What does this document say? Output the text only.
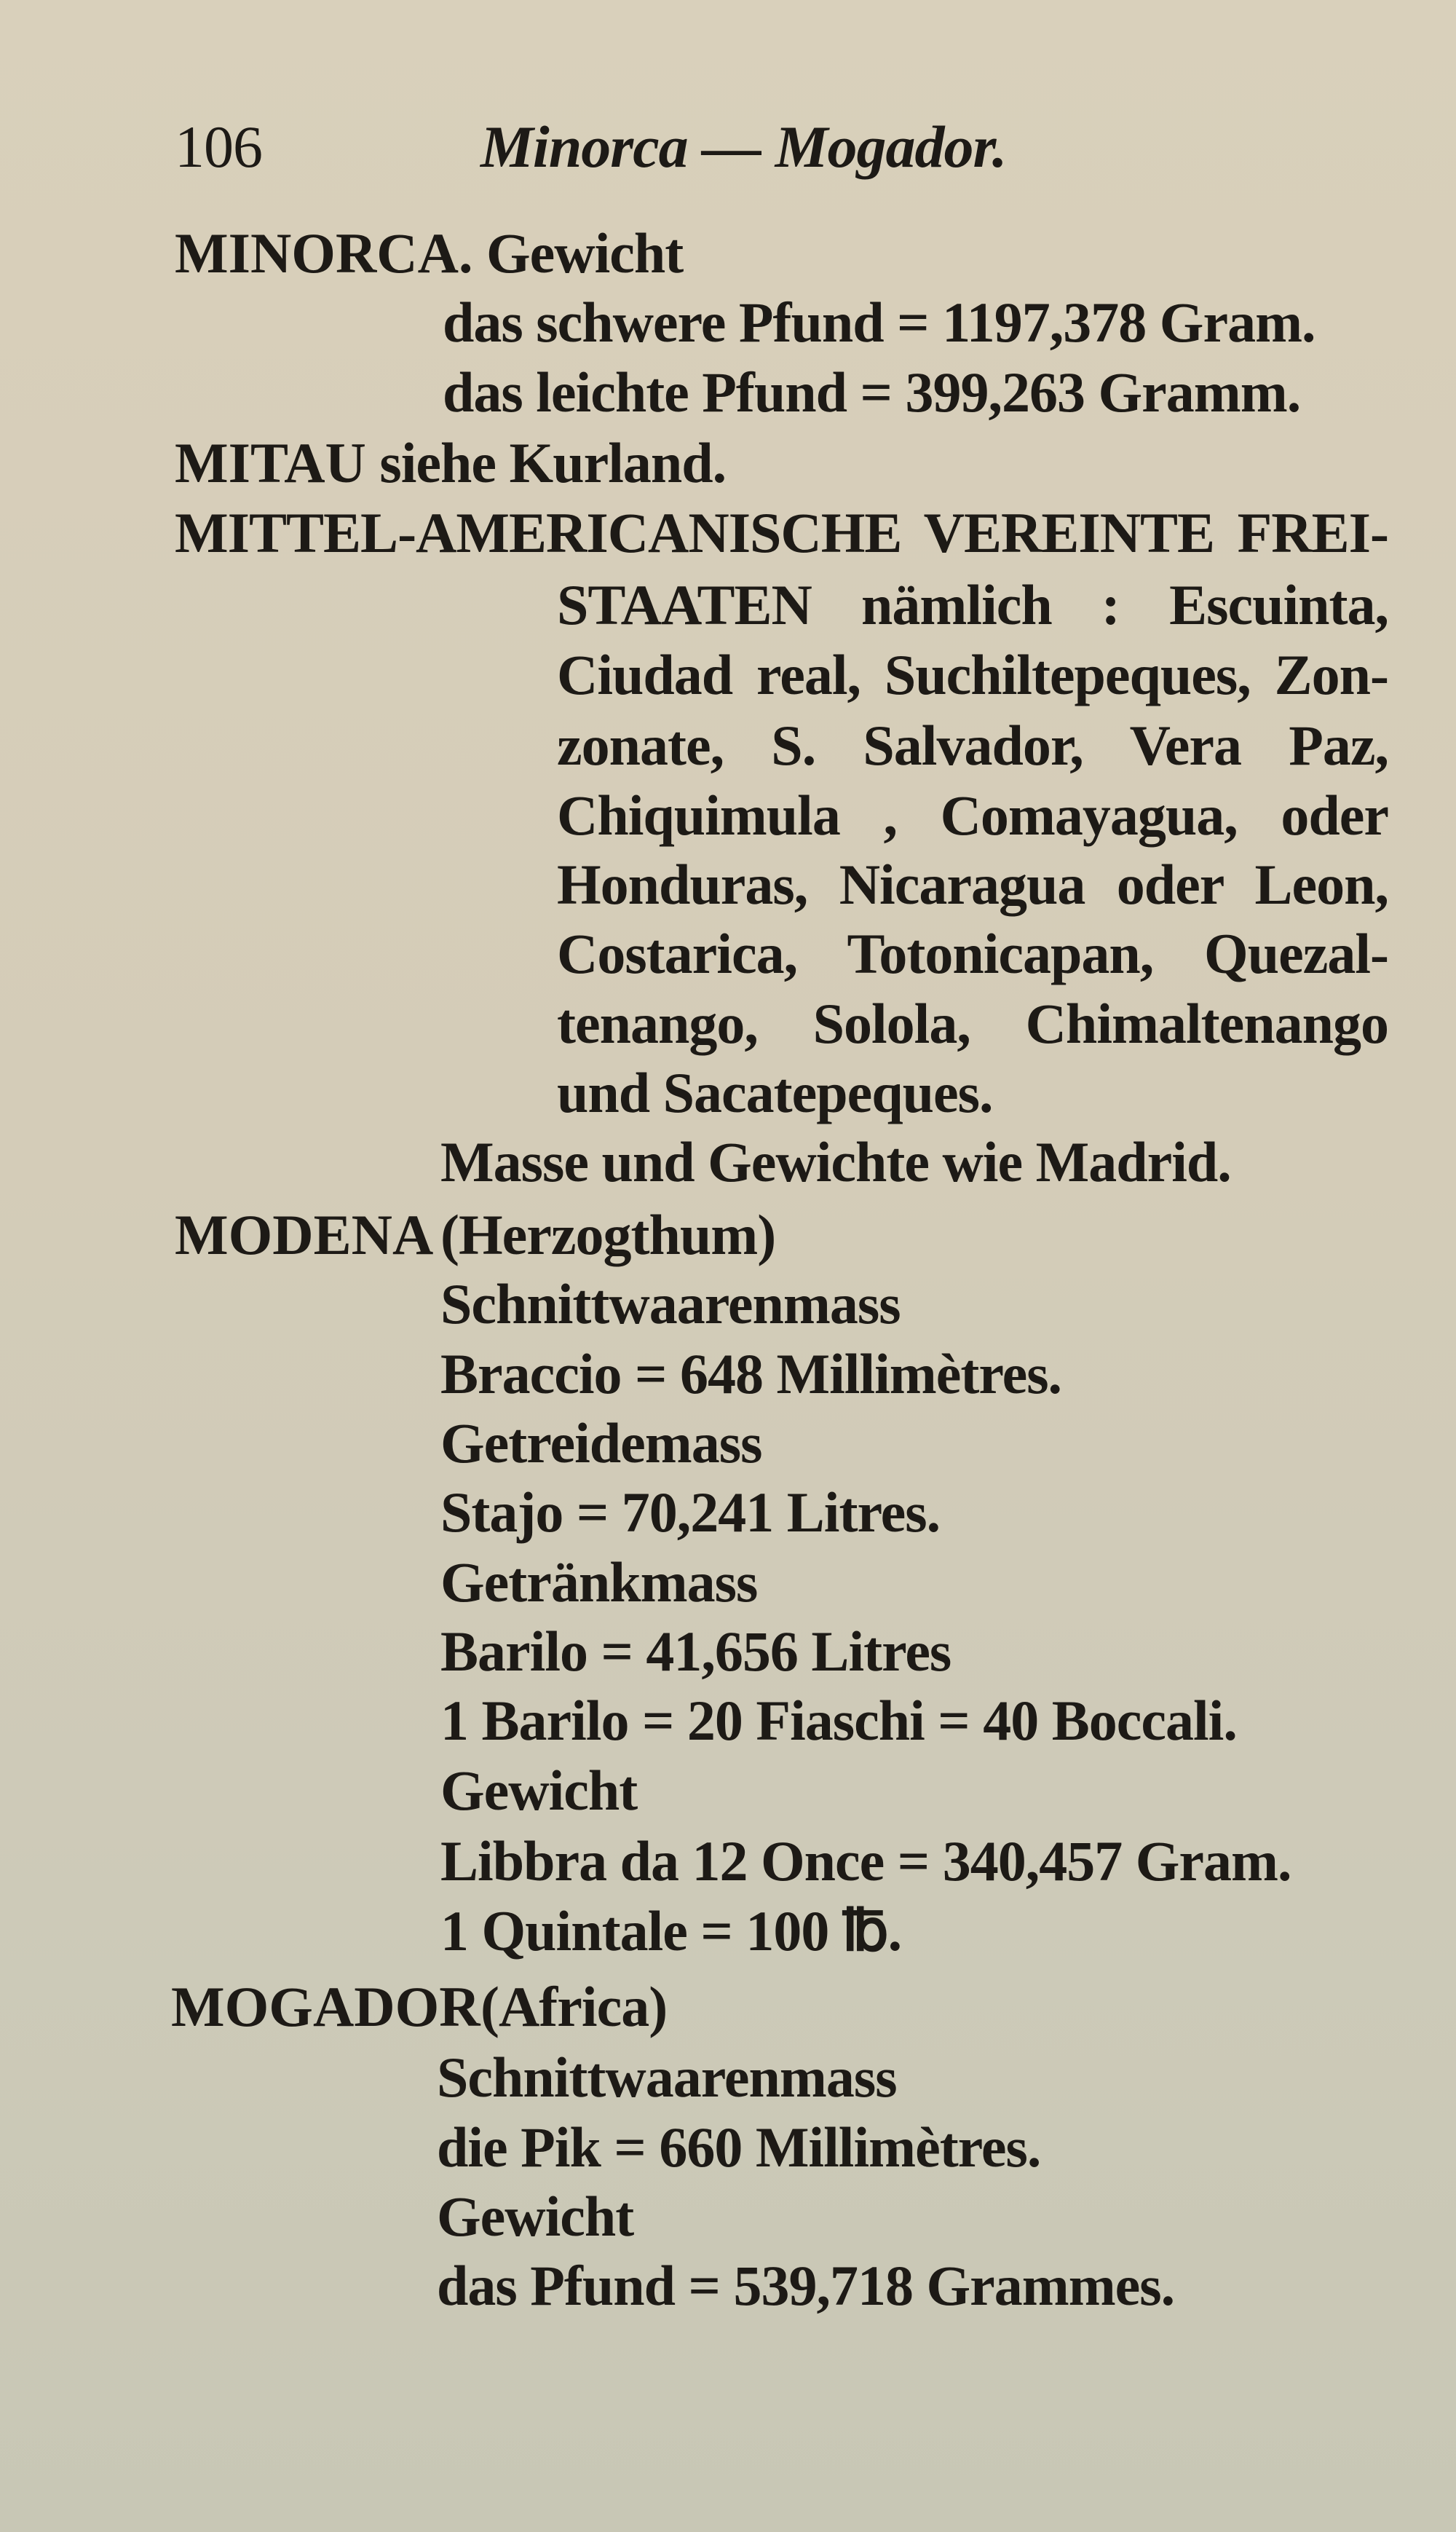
106	Minorca — Mogador.
MINORCA. Gewicht
das schwere Pfund = 1197,378 Gram.
das leichte Pfund = 399,263 Gramm.
MITAU siehe Kurland.
MITTEL-AMERICANISCHE VEREINTE FREI-
STAATEN nämlich : Escuinta,
Ciudad real, Suchiltepeques, Zon-
zonate, S. Salvador, Vera Paz,
Chiquimula , Comayagua, oder
Honduras, Nicaragua oder Leon,
Costarica, Totonicapan, Quezal-
tenango, Solola, Chimaltenango
und Sacatepeques.
Masse und Gewichte wie Madrid.
MODENA (Herzogthum)
Schnittwaarenmass
Braccio = 648 Millimètres.
Getreidemass
Stajo = 70,241 Litres.
Getränkmass
Barilo = 41,656 Litres
1 Barilo = 20 Fiaschi = 40 Boccali.
Gewicht
Libbra da 12 Once = 340,457 Gram.
1 Quintale = 100 ℔.
MOGADOR (Africa)
Schnittwaarenmass
die Pik = 660 Millimètres.
Gewicht
das Pfund = 539,718 Grammes.
